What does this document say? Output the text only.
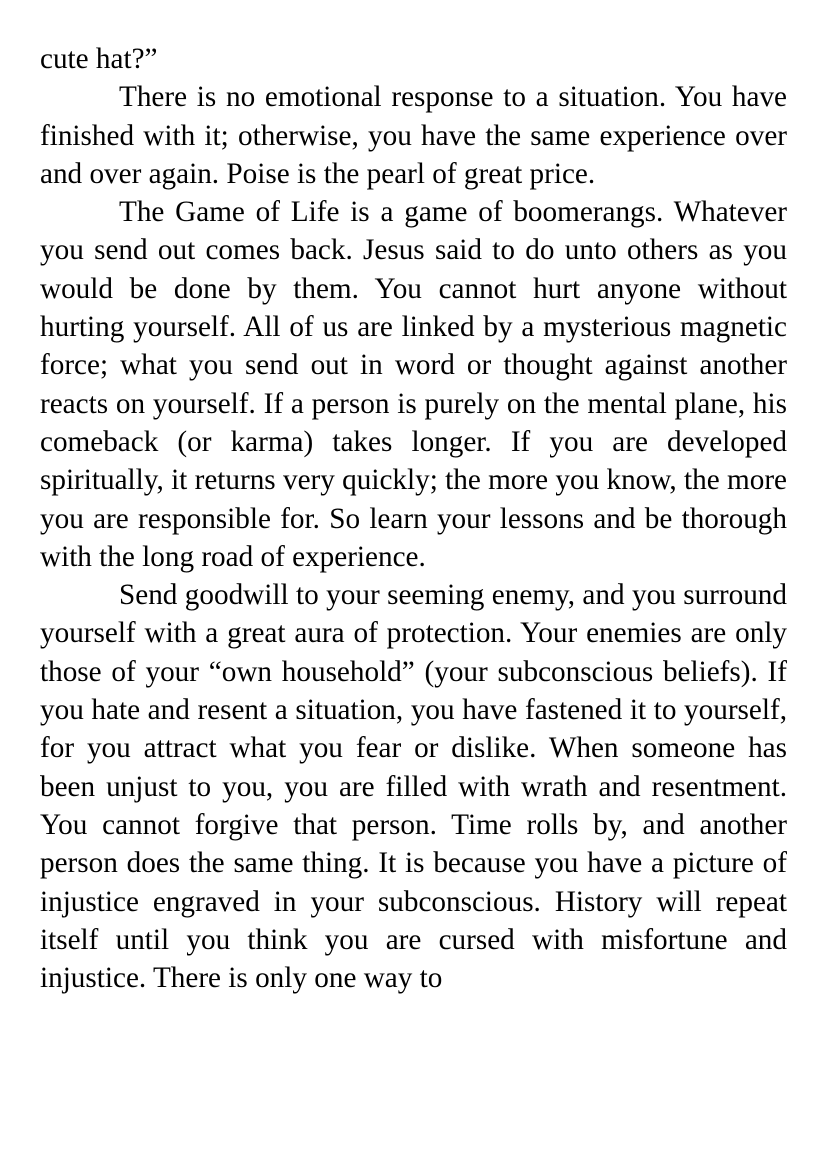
cute hat?”

There is no emotional response to a situation. You have finished with it; otherwise, you have the same experience over and over again. Poise is the pearl of great price.

The Game of Life is a game of boomerangs. Whatever you send out comes back. Jesus said to do unto others as you would be done by them. You cannot hurt anyone without hurting yourself. All of us are linked by a mysterious magnetic force; what you send out in word or thought against another reacts on yourself. If a person is purely on the mental plane, his comeback (or karma) takes longer. If you are developed spiritually, it returns very quickly; the more you know, the more you are responsible for. So learn your lessons and be thorough with the long road of experience.

Send goodwill to your seeming enemy, and you surround yourself with a great aura of protection. Your enemies are only those of your “own household” (your subconscious beliefs). If you hate and resent a situation, you have fastened it to yourself, for you attract what you fear or dislike. When someone has been unjust to you, you are filled with wrath and resentment. You cannot forgive that person. Time rolls by, and another person does the same thing. It is because you have a picture of injustice engraved in your subconscious. History will repeat itself until you think you are cursed with misfortune and injustice. There is only one way to
